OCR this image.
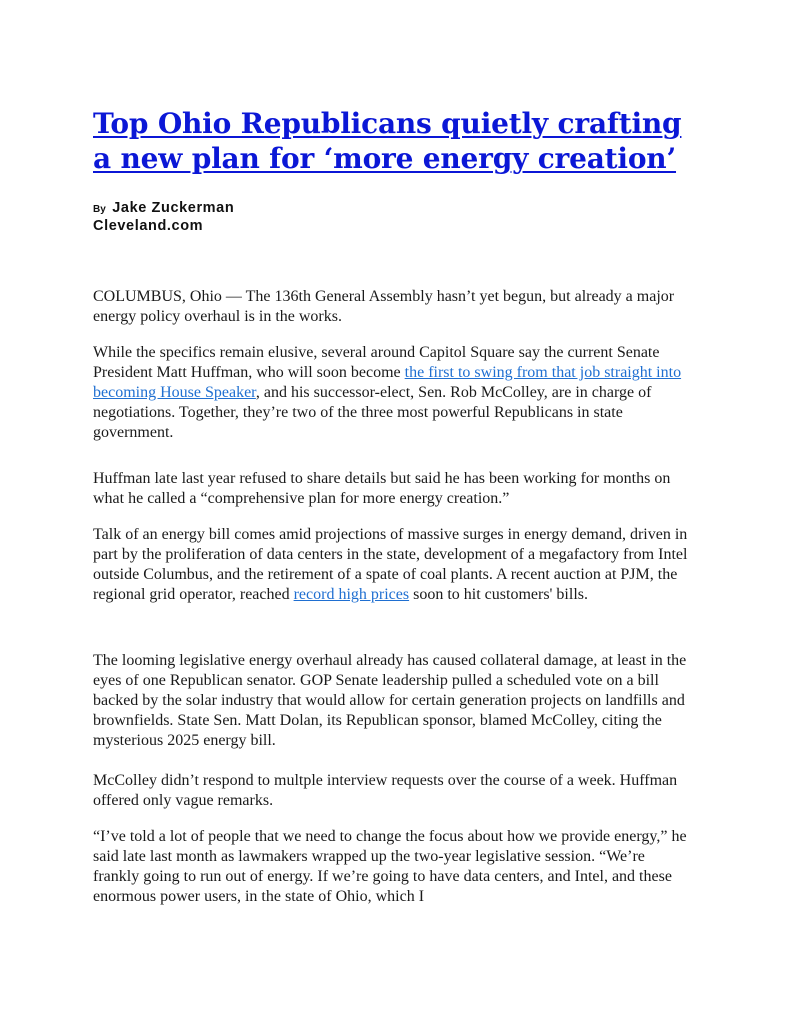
Top Ohio Republicans quietly crafting a new plan for ‘more energy creation’
By Jake Zuckerman
Cleveland.com

COLUMBUS, Ohio — The 136th General Assembly hasn’t yet begun, but already a major energy policy overhaul is in the works.

While the specifics remain elusive, several around Capitol Square say the current Senate President Matt Huffman, who will soon become the first to swing from that job straight into becoming House Speaker, and his successor-elect, Sen. Rob McColley, are in charge of negotiations. Together, they’re two of the three most powerful Republicans in state government.

Huffman late last year refused to share details but said he has been working for months on what he called a “comprehensive plan for more energy creation.”

Talk of an energy bill comes amid projections of massive surges in energy demand, driven in part by the proliferation of data centers in the state, development of a megafactory from Intel outside Columbus, and the retirement of a spate of coal plants. A recent auction at PJM, the regional grid operator, reached record high prices soon to hit customers' bills.

The looming legislative energy overhaul already has caused collateral damage, at least in the eyes of one Republican senator. GOP Senate leadership pulled a scheduled vote on a bill backed by the solar industry that would allow for certain generation projects on landfills and brownfields. State Sen. Matt Dolan, its Republican sponsor, blamed McColley, citing the mysterious 2025 energy bill.

McColley didn’t respond to multple interview requests over the course of a week. Huffman offered only vague remarks.

“I’ve told a lot of people that we need to change the focus about how we provide energy,” he said late last month as lawmakers wrapped up the two-year legislative session. “We’re frankly going to run out of energy. If we’re going to have data centers, and Intel, and these enormous power users, in the state of Ohio, which I
